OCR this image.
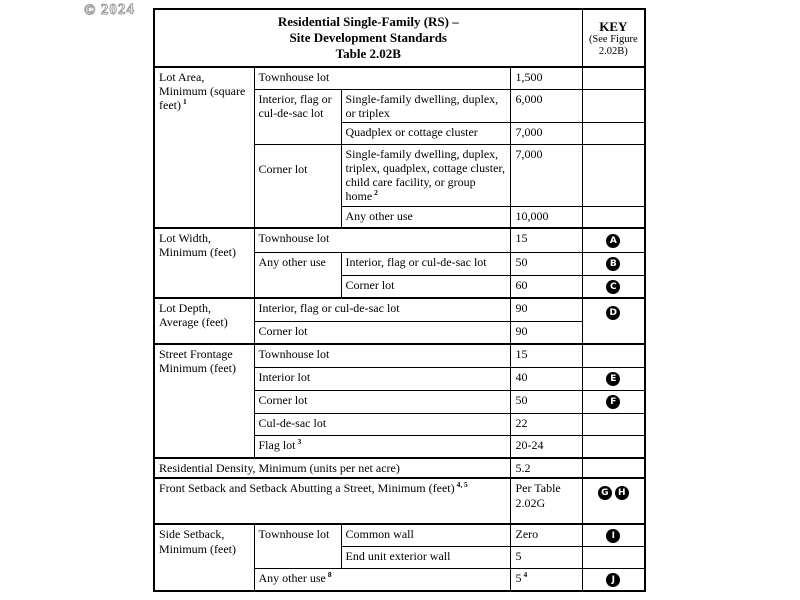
© 2024
Residential Single-Family (RS) –
Site Development Standards
Table 2.02B

KEY
(See Figure 2.02B)

Lot Area, Minimum (square feet) $^1$	Townhouse lot		1,500	
	Interior, flag or cul-de-sac lot	Single-family dwelling, duplex, or triplex	6,000	
		Quadplex or cottage cluster	7,000	
	Corner lot	Single-family dwelling, duplex, triplex, quadplex, cottage cluster, child care facility, or group home $^2$	7,000	
		Any other use	10,000	
Lot Width, Minimum (feet)	Townhouse lot		15	A
	Any other use	Interior, flag or cul-de-sac lot	50	B
		Corner lot	60	C
Lot Depth, Average (feet)	Interior, flag or cul-de-sac lot		90	D
	Corner lot		90	
Street Frontage Minimum (feet)	Townhouse lot		15	
	Interior lot		40	E
	Corner lot		50	F
	Cul-de-sac lot		22	
	Flag lot $^3$		20-24	
Residential Density, Minimum (units per net acre)			5.2	
Front Setback and Setback Abutting a Street, Minimum (feet) $^{4, 5}$			Per Table 2.02G	G H
Side Setback, Minimum (feet)	Townhouse lot	Common wall	Zero	I
		End unit exterior wall	5	
	Any other use $^8$		5 $^4$	J
